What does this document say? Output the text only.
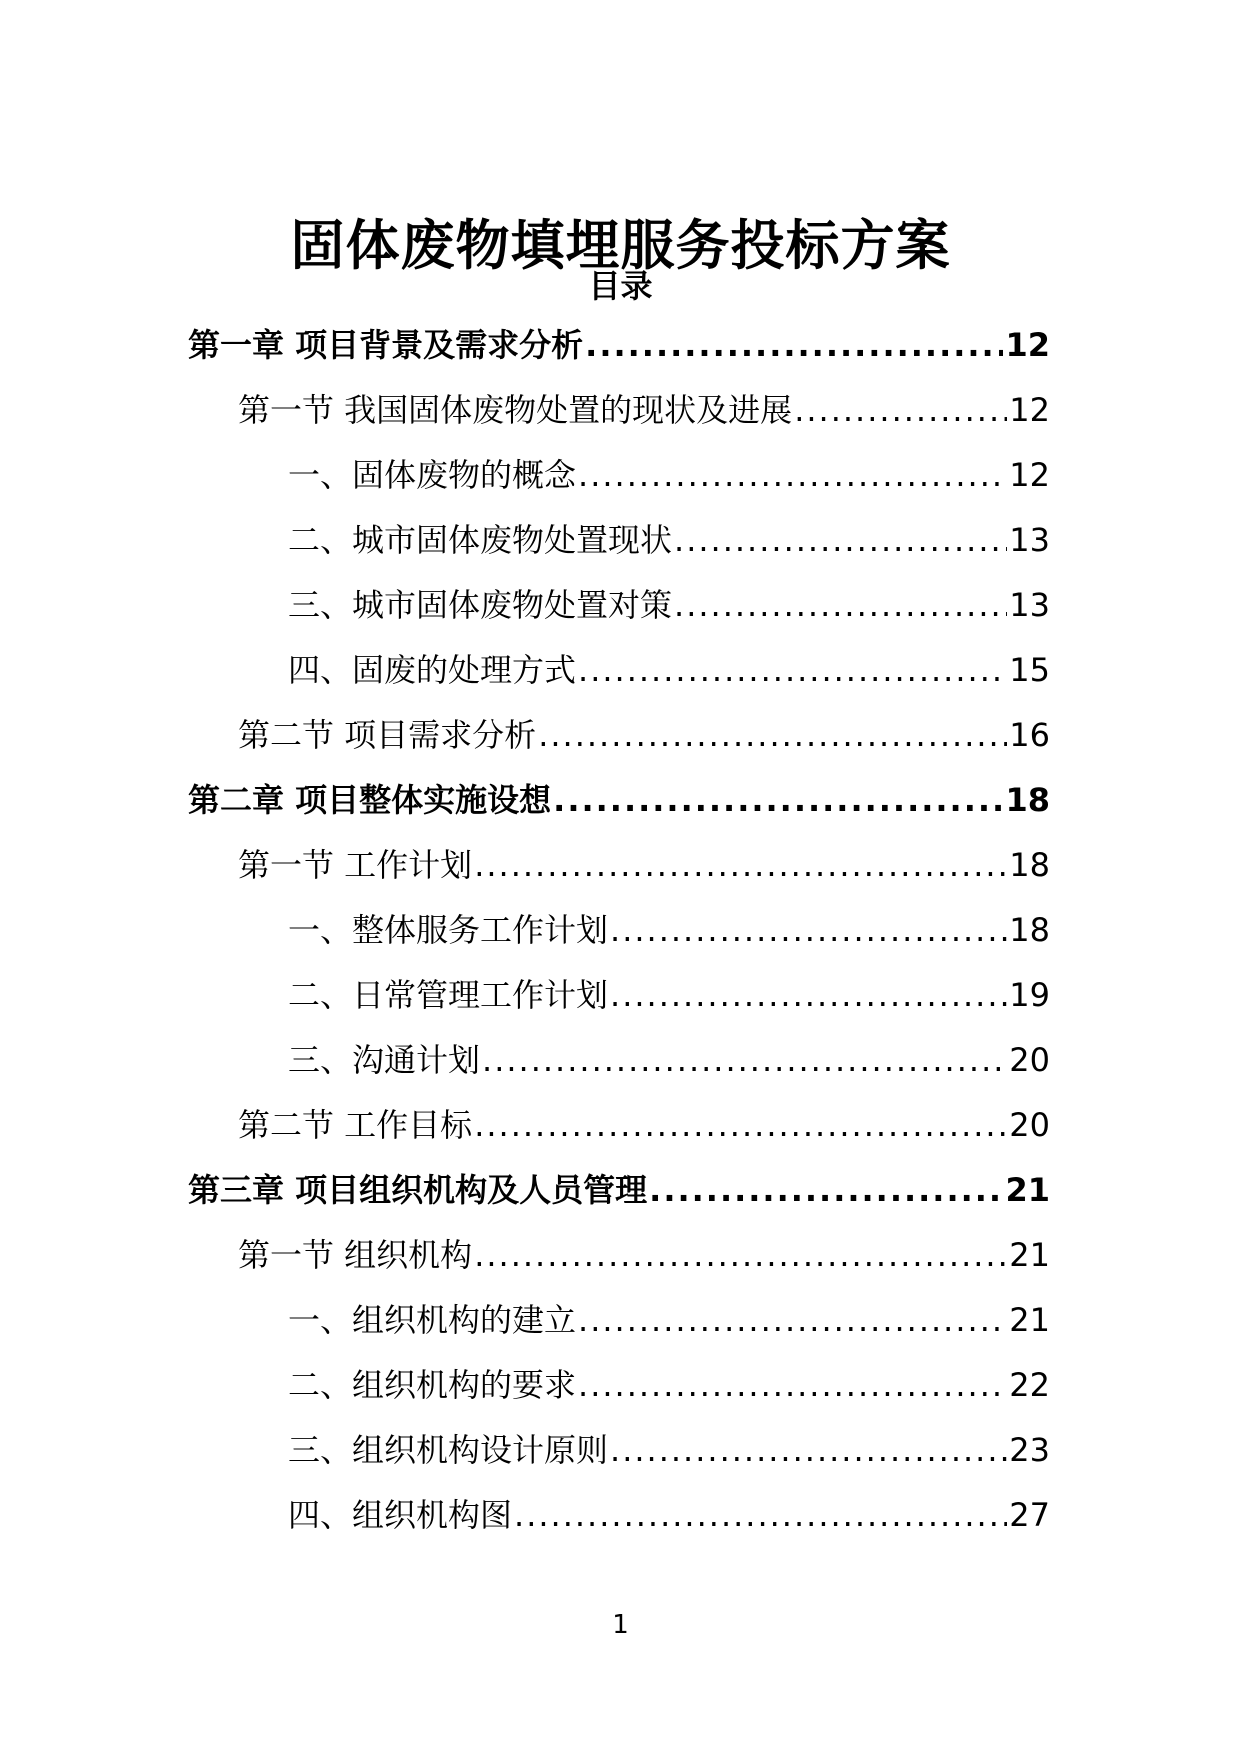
固体废物填埋服务投标方案
目录
第一章 项目背景及需求分析 .....	12
第一节 我国固体废物处置的现状及进展 .....	12
一、固体废物的概念 .....	12
二、城市固体废物处置现状 .....	13
三、城市固体废物处置对策 .....	13
四、固废的处理方式 .....	15
第二节 项目需求分析 .....	16
第二章 项目整体实施设想 .....	18
第一节 工作计划 .....	18
一、整体服务工作计划 .....	18
二、日常管理工作计划 .....	19
三、沟通计划 .....	20
第二节 工作目标 .....	20
第三章 项目组织机构及人员管理 .....	21
第一节 组织机构 .....	21
一、组织机构的建立 .....	21
二、组织机构的要求 .....	22
三、组织机构设计原则 .....	23
四、组织机构图 .....	27
1
